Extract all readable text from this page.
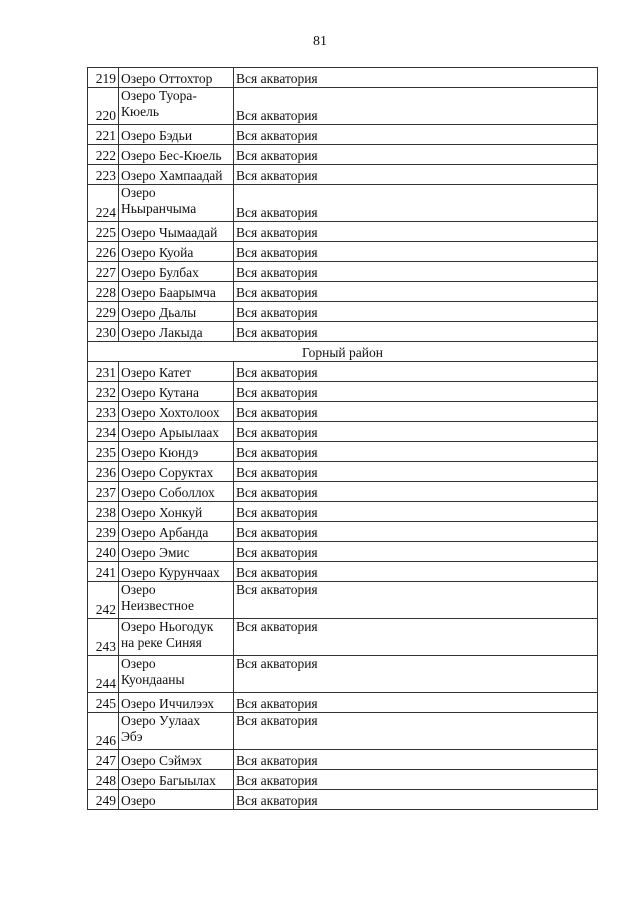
81
219	Озеро Оттохтор	Вся акватория
220	Озеро Туора-
Кюель	Вся акватория
221	Озеро Бэдьи	Вся акватория
222	Озеро Бес-Кюель	Вся акватория
223	Озеро Хампаадай	Вся акватория
224	Озеро
Ньыранчыма	Вся акватория
225	Озеро Чымаадай	Вся акватория
226	Озеро Куойа	Вся акватория
227	Озеро Булбах	Вся акватория
228	Озеро Баарымча	Вся акватория
229	Озеро Дьалы	Вся акватория
230	Озеро Лакыда	Вся акватория
Горный район		
231	Озеро Катет	Вся акватория
232	Озеро Кутана	Вся акватория
233	Озеро Хохтолоох	Вся акватория
234	Озеро Арыылаах	Вся акватория
235	Озеро Кюндэ	Вся акватория
236	Озеро Соруктах	Вся акватория
237	Озеро Соболлох	Вся акватория
238	Озеро Хонкуй	Вся акватория
239	Озеро Арбанда	Вся акватория
240	Озеро Эмис	Вся акватория
241	Озеро Курунчаах	Вся акватория
242	Озеро
Неизвестное	Вся акватория
243	Озеро Ньогодук
на реке Синяя	Вся акватория
244	Озеро
Куондааны	Вся акватория
245	Озеро Иччилээх	Вся акватория
246	Озеро Уулаах
Эбэ	Вся акватория
247	Озеро Сэймэх	Вся акватория
248	Озеро Багыылах	Вся акватория
249	Озеро	Вся акватория
